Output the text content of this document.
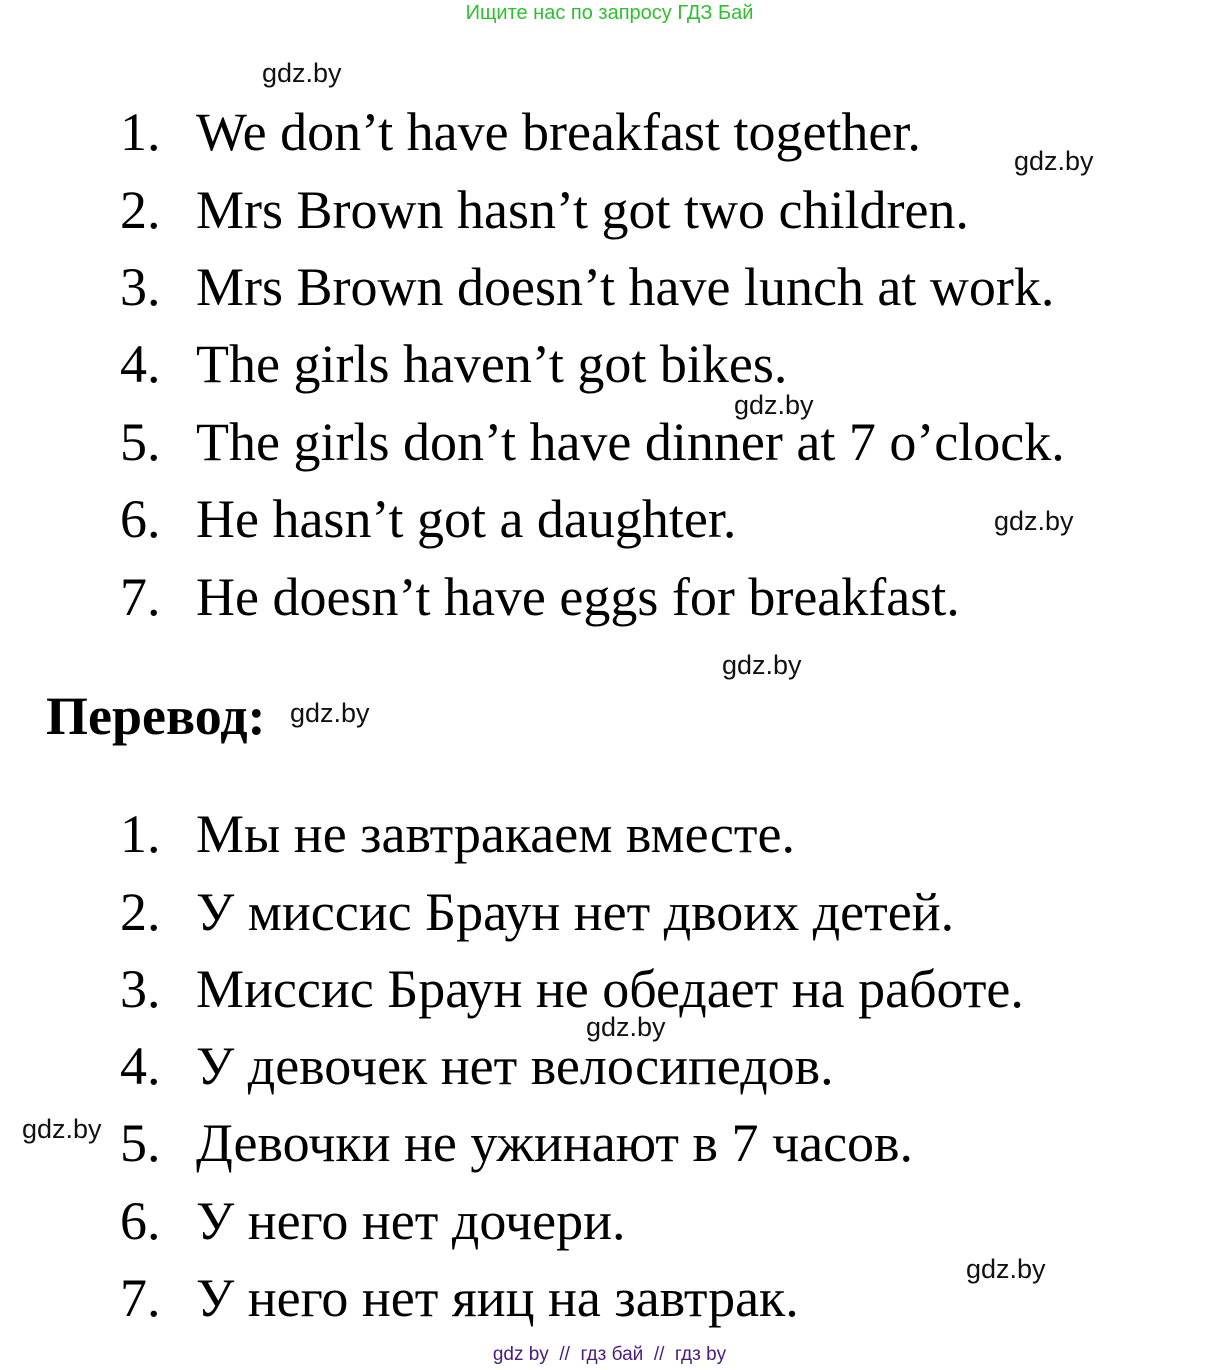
Ищите нас по запросу ГДЗ Бай
gdz.by
gdz.by
gdz.by
gdz.by
gdz.by
gdz.by
gdz.by
gdz.by
gdz.by
1. We don’t have breakfast together.
2. Mrs Brown hasn’t got two children.
3. Mrs Brown doesn’t have lunch at work.
4. The girls haven’t got bikes.
5. The girls don’t have dinner at 7 o’clock.
6. He hasn’t got a daughter.
7. He doesn’t have eggs for breakfast.
Перевод:
1. Мы не завтракаем вместе.
2. У миссис Браун нет двоих детей.
3. Миссис Браун не обедает на работе.
4. У девочек нет велосипедов.
5. Девочки не ужинают в 7 часов.
6. У него нет дочери.
7. У него нет яиц на завтрак.
gdz by  //  гдз бай  //  гдз by
